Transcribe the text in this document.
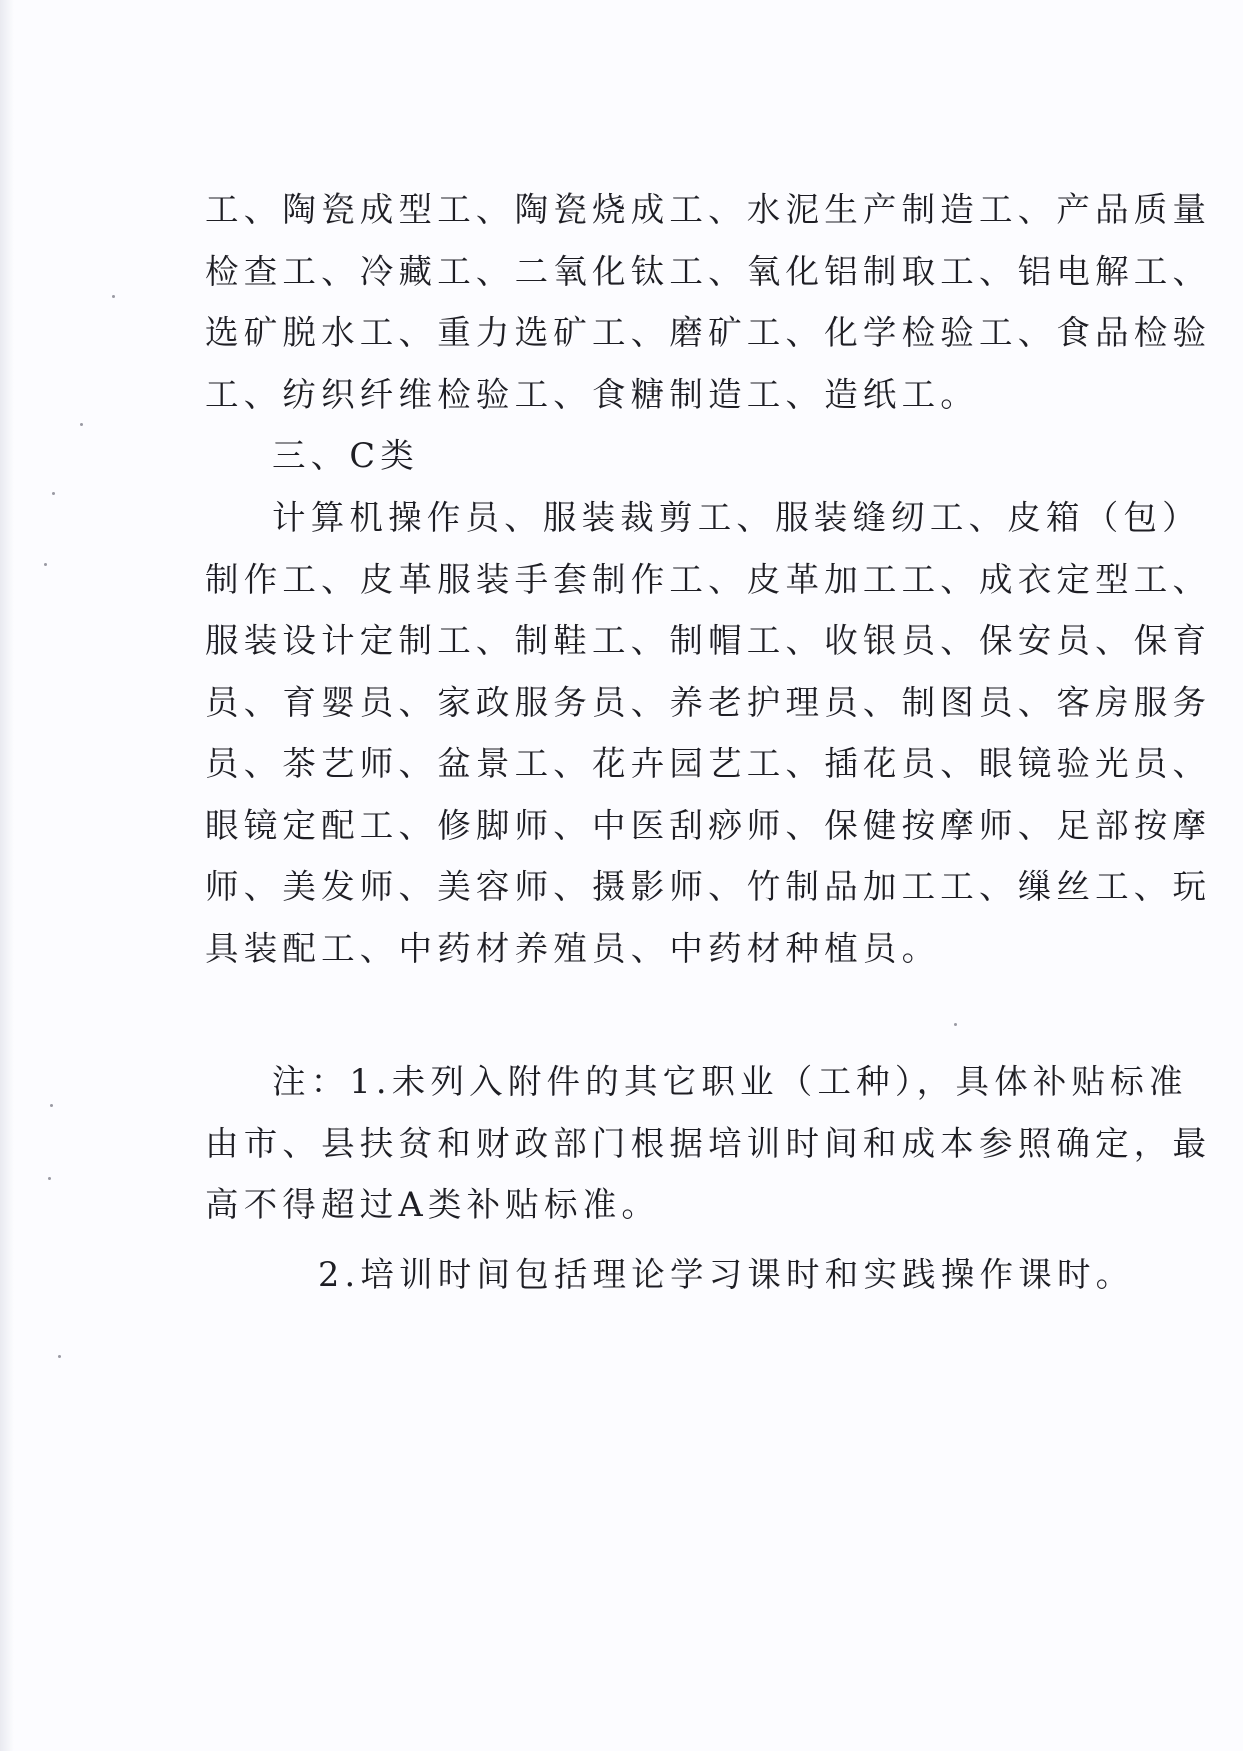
工、陶瓷成型工、陶瓷烧成工、水泥生产制造工、产品质量
检查工、冷藏工、二氧化钛工、氧化铝制取工、铝电解工、
选矿脱水工、重力选矿工、磨矿工、化学检验工、食品检验
工、纺织纤维检验工、食糖制造工、造纸工。
三、C类
计算机操作员、服装裁剪工、服装缝纫工、皮箱（包）
制作工、皮革服装手套制作工、皮革加工工、成衣定型工、
服装设计定制工、制鞋工、制帽工、收银员、保安员、保育
员、育婴员、家政服务员、养老护理员、制图员、客房服务
员、茶艺师、盆景工、花卉园艺工、插花员、眼镜验光员、
眼镜定配工、修脚师、中医刮痧师、保健按摩师、足部按摩
师、美发师、美容师、摄影师、竹制品加工工、缫丝工、玩
具装配工、中药材养殖员、中药材种植员。
注：1.未列入附件的其它职业（工种），具体补贴标准
由市、县扶贫和财政部门根据培训时间和成本参照确定，最
高不得超过A类补贴标准。
2.培训时间包括理论学习课时和实践操作课时。
